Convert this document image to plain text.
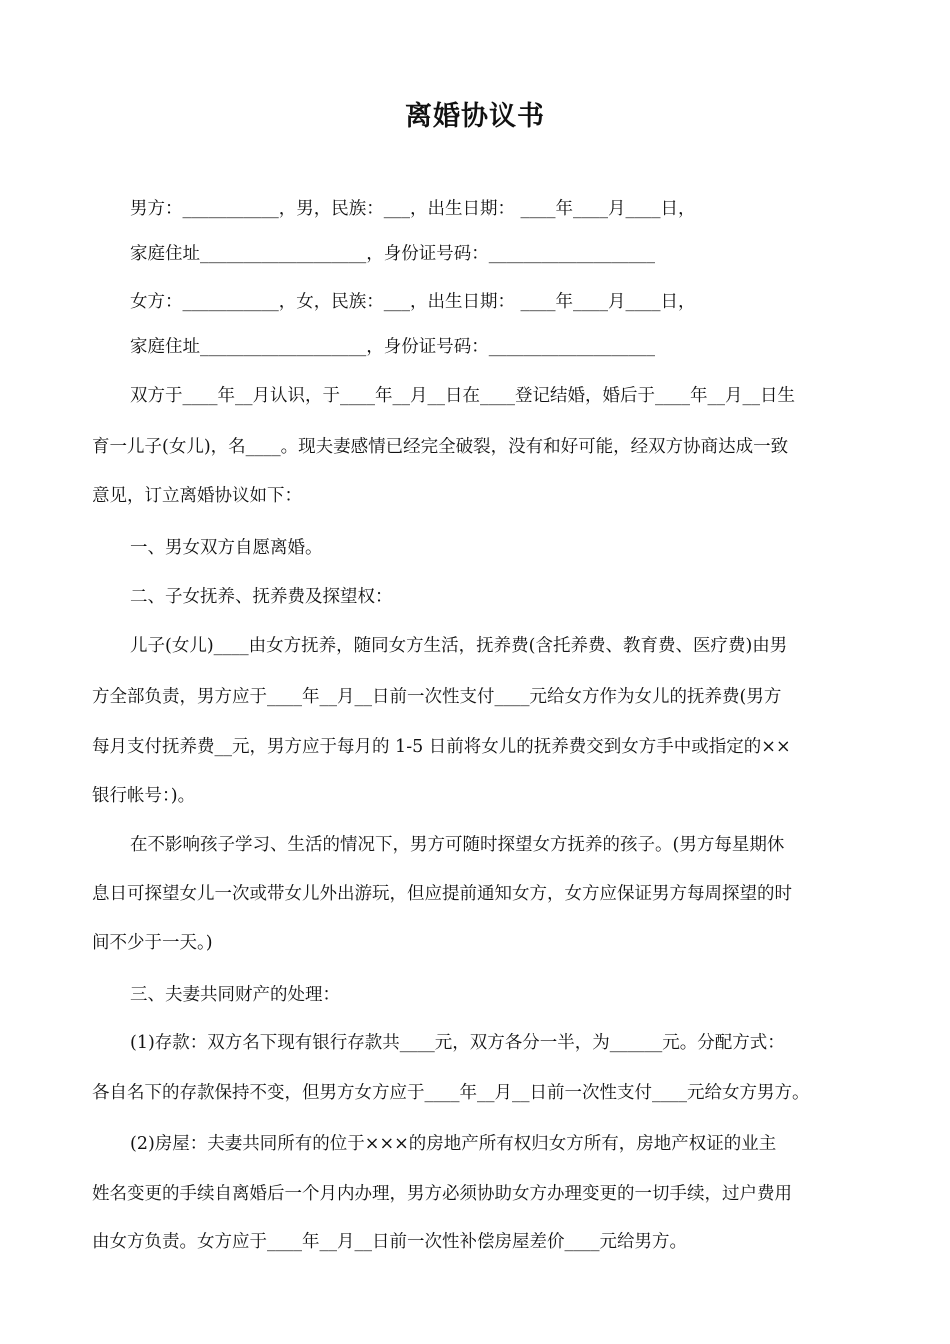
离婚协议书

男方：___________，男，民族：___，出生日期： ____年____月____日，

家庭住址___________________，身份证号码：___________________

女方：___________，女，民族：___，出生日期： ____年____月____日，

家庭住址___________________，身份证号码：___________________

双方于____年__月认识，于____年__月__日在____登记结婚，婚后于____年__月__日生

育一儿子(女儿)，名____。现夫妻感情已经完全破裂，没有和好可能，经双方协商达成一致

意见，订立离婚协议如下：

一、男女双方自愿离婚。

二、子女抚养、抚养费及探望权：

儿子(女儿)____由女方抚养，随同女方生活，抚养费(含托养费、教育费、医疗费)由男

方全部负责，男方应于____年__月__日前一次性支付____元给女方作为女儿的抚养费(男方

每月支付抚养费__元，男方应于每月的 1-5 日前将女儿的抚养费交到女方手中或指定的××

银行帐号：)。

在不影响孩子学习、生活的情况下，男方可随时探望女方抚养的孩子。(男方每星期休

息日可探望女儿一次或带女儿外出游玩，但应提前通知女方，女方应保证男方每周探望的时

间不少于一天。)

三、夫妻共同财产的处理：

(1)存款：双方名下现有银行存款共____元，双方各分一半，为______元。分配方式：

各自名下的存款保持不变，但男方女方应于____年__月__日前一次性支付____元给女方男方。

(2)房屋：夫妻共同所有的位于×××的房地产所有权归女方所有，房地产权证的业主

姓名变更的手续自离婚后一个月内办理，男方必须协助女方办理变更的一切手续，过户费用

由女方负责。女方应于____年__月__日前一次性补偿房屋差价____元给男方。
